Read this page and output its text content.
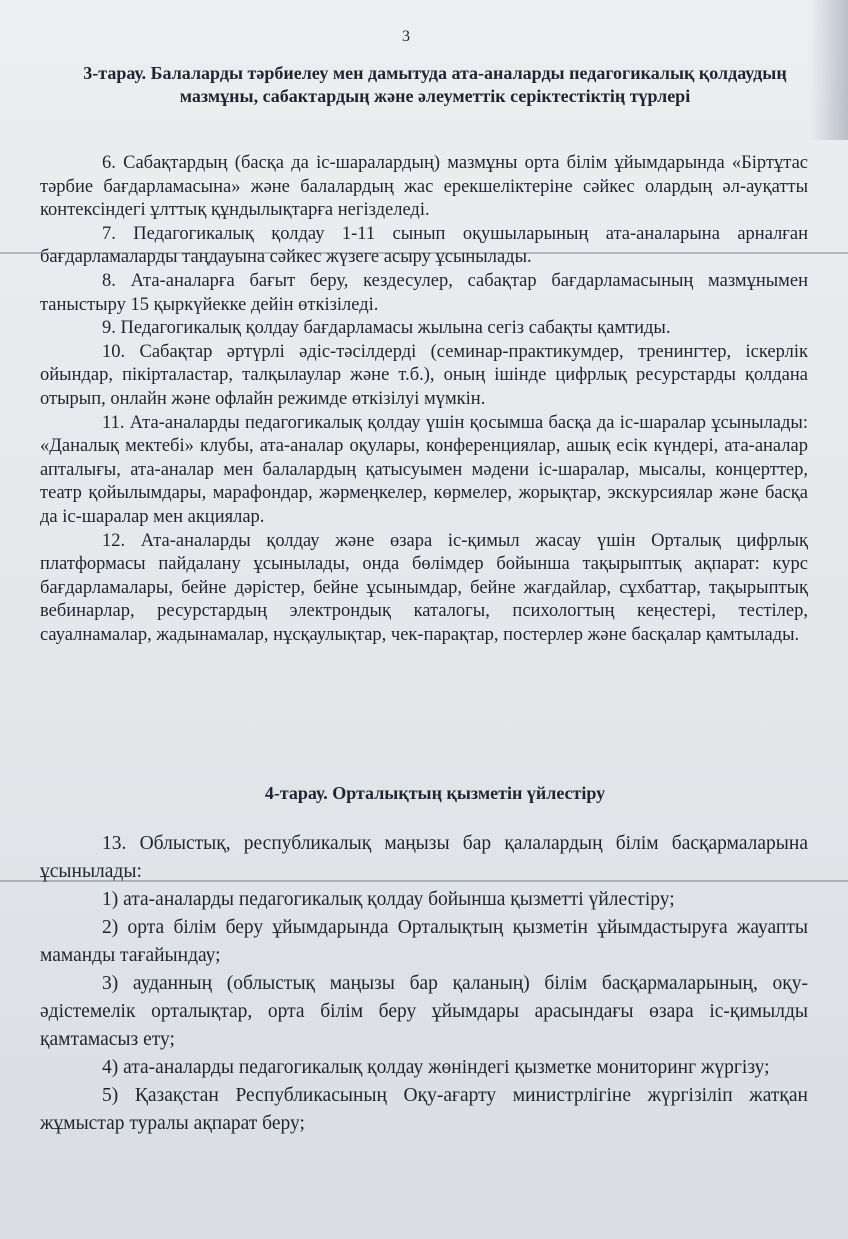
3
3-тарау. Балаларды тәрбиелеу мен дамытуда ата-аналарды педагогикалық қолдаудың мазмұны, сабактардың және әлеуметтік серіктестіктің түрлері

6. Сабақтардың (басқа да іс-шаралардың) мазмұны орта білім ұйымдарында «Біртұтас тәрбие бағдарламасына» және балалардың жас ерекшеліктеріне сәйкес олардың әл-ауқатты контексіндегі ұлттық құндылықтарға негізделеді.

7. Педагогикалық қолдау 1-11 сынып оқушыларының ата-аналарына арналған бағдарламаларды таңдауына сәйкес жүзеге асыру ұсынылады.

8. Ата-аналарға бағыт беру, кездесулер, сабақтар бағдарламасының мазмұнымен таныстыру 15 қыркүйекке дейін өткізіледі.

9. Педагогикалық қолдау бағдарламасы жылына сегіз сабақты қамтиды.

10. Сабақтар әртүрлі әдіс-тәсілдерді (семинар-практикумдер, тренингтер, іскерлік ойындар, пікірталастар, талқылаулар және т.б.), оның ішінде цифрлық ресурстарды қолдана отырып, онлайн және офлайн режимде өткізілуі мүмкін.

11. Ата-аналарды педагогикалық қолдау үшін қосымша басқа да іс-шаралар ұсынылады: «Даналық мектебі» клубы, ата-аналар оқулары, конференциялар, ашық есік күндері, ата-аналар апталығы, ата-аналар мен балалардың қатысуымен мәдени іс-шаралар, мысалы, концерттер, театр қойылымдары, марафондар, жәрмеңкелер, көрмелер, жорықтар, экскурсиялар және басқа да іс-шаралар мен акциялар.

12. Ата-аналарды қолдау және өзара іс-қимыл жасау үшін Орталық цифрлық платформасы пайдалану ұсынылады, онда бөлімдер бойынша тақырыптық ақпарат: курс бағдарламалары, бейне дәрістер, бейне ұсынымдар, бейне жағдайлар, сұхбаттар, тақырыптық вебинарлар, ресурстардың электрондық каталогы, психологтың кеңестері, тестілер, сауалнамалар, жадынамалар, нұсқаулықтар, чек-парақтар, постерлер және басқалар қамтылады.

4-тарау. Орталықтың қызметін үйлестіру

13. Облыстық, республикалық маңызы бар қалалардың білім басқармаларына ұсынылады:

1) ата-аналарды педагогикалық қолдау бойынша қызметті үйлестіру;

2) орта білім беру ұйымдарында Орталықтың қызметін ұйымдастыруға жауапты маманды тағайындау;

3) ауданның (облыстық маңызы бар қаланың) білім басқармаларының, оқу-әдістемелік орталықтар, орта білім беру ұйымдары арасындағы өзара іс-қимылды қамтамасыз ету;

4) ата-аналарды педагогикалық қолдау жөніндегі қызметке мониторинг жүргізу;

5) Қазақстан Республикасының Оқу-ағарту министрлігіне жүргізіліп жатқан жұмыстар туралы ақпарат беру;
